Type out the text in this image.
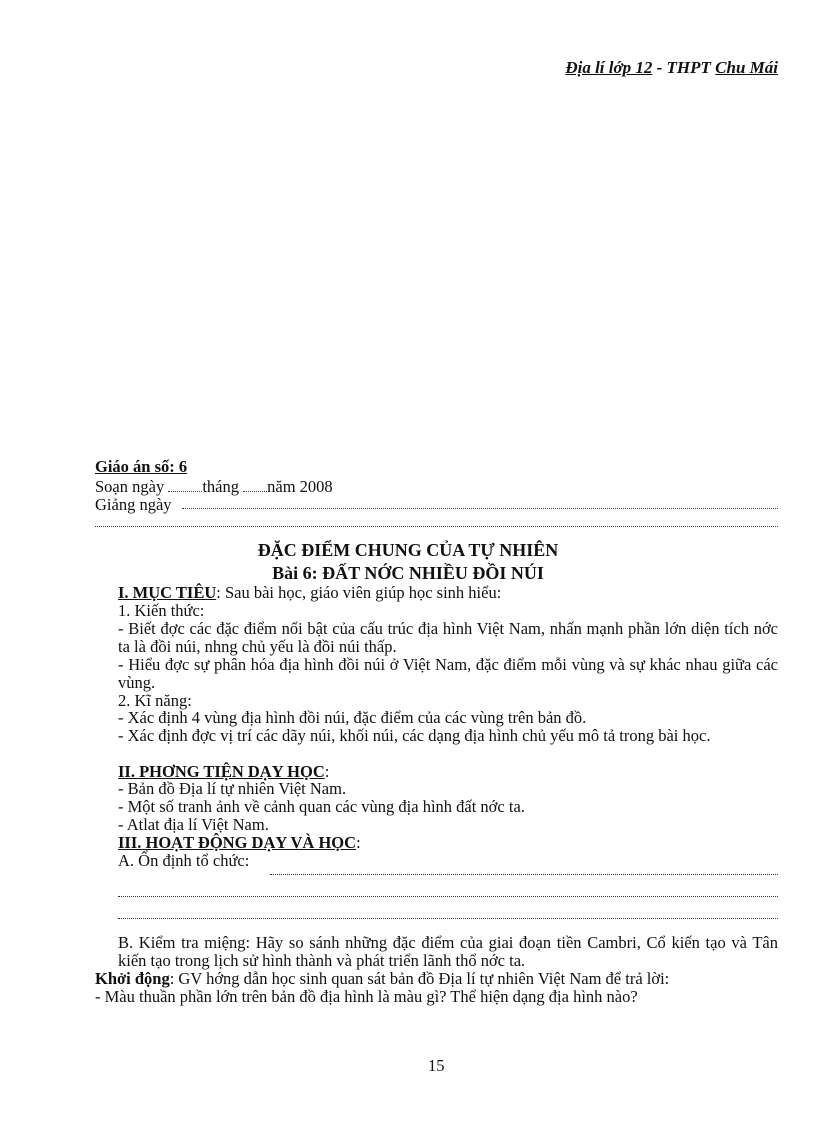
Địa lí lớp 12 - THPT Chu Mái
Giáo án số: 6
Soạn ngày tháng năm 2008
Giảng ngày
ĐẶC ĐIỂM CHUNG CỦA TỰ NHIÊN
Bài 6: ĐẤT NỚC NHIỀU ĐỒI NÚI
I. MỤC TIÊU: Sau bài học, giáo viên giúp học sinh hiểu:
1. Kiến thức:
- Biết đợc các đặc điểm nổi bật của cấu trúc địa hình Việt Nam, nhấn mạnh phần lớn diện tích nớc ta là đồi núi, nhng chủ yếu là đồi núi thấp.
- Hiểu đợc sự phân hóa địa hình đồi núi ở Việt Nam, đặc điểm mỗi vùng và sự khác nhau giữa các vùng.
2. Kĩ năng:
- Xác định 4 vùng địa hình đồi núi, đặc điểm của các vùng trên bản đồ.
- Xác định đợc vị trí các dãy núi, khối núi, các dạng địa hình chủ yếu mô tả trong bài học.
II. PHƠNG TIỆN DẠY HỌC:
- Bản đồ Địa lí tự nhiên Việt Nam.
- Một số tranh ảnh về cảnh quan các vùng địa hình đất nớc ta.
- Atlat địa lí Việt Nam.
III. HOẠT ĐỘNG DẠY VÀ HỌC:
A. Ổn định tổ chức:
B. Kiểm tra miệng: Hãy so sánh những đặc điểm của giai đoạn tiền Cambri, Cổ kiến tạo và Tân kiến tạo trong lịch sử hình thành và phát triển lãnh thổ nớc ta.
Khởi động: GV hớng dẫn học sinh quan sát bản đồ Địa lí tự nhiên Việt Nam để trả lời:
- Màu thuần phần lớn trên bản đồ địa hình là màu gì? Thể hiện dạng địa hình nào?
15
